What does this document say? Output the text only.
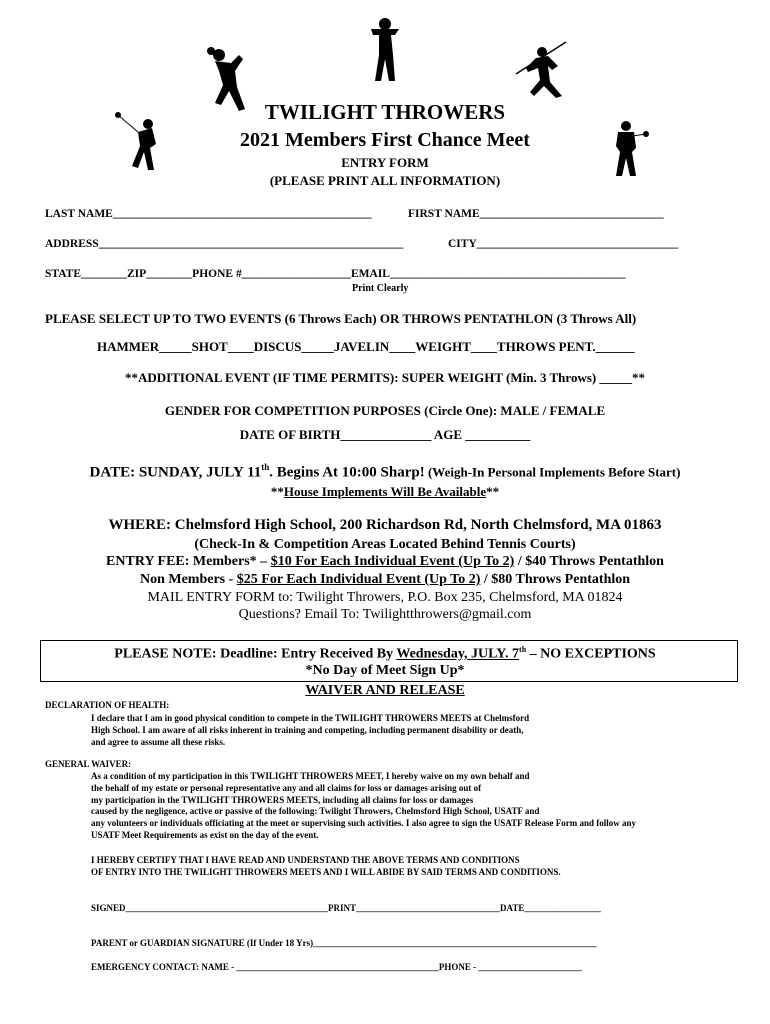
TWILIGHT THROWERS
2021 Members First Chance Meet
ENTRY FORM
(PLEASE PRINT ALL INFORMATION)
LAST NAME_____________________________________________	FIRST NAME________________________________
ADDRESS_____________________________________________________	CITY___________________________________
STATE________ZIP________PHONE #___________________EMAIL_________________________________________
Print Clearly
PLEASE SELECT UP TO TWO EVENTS (6 Throws Each) OR THROWS PENTATHLON (3 Throws All)
HAMMER_____SHOT____DISCUS_____JAVELIN____WEIGHT____THROWS PENT.______
**ADDITIONAL EVENT (IF TIME PERMITS): SUPER WEIGHT (Min. 3 Throws) _____**
GENDER FOR COMPETITION PURPOSES (Circle One): MALE / FEMALE
DATE OF BIRTH______________ AGE __________
DATE: SUNDAY, JULY 11th. Begins At 10:00 Sharp! (Weigh-In Personal Implements Before Start)
**House Implements Will Be Available**
WHERE: Chelmsford High School, 200 Richardson Rd, North Chelmsford, MA 01863
(Check-In & Competition Areas Located Behind Tennis Courts)
ENTRY FEE: Members* – $10 For Each Individual Event (Up To 2) / $40 Throws Pentathlon
Non Members - $25 For Each Individual Event (Up To 2) / $80 Throws Pentathlon
MAIL ENTRY FORM to: Twilight Throwers, P.O. Box 235, Chelmsford, MA 01824
Questions? Email To: Twilightthrowers@gmail.com
PLEASE NOTE: Deadline: Entry Received By Wednesday, JULY. 7th – NO EXCEPTIONS
*No Day of Meet Sign Up*
WAIVER AND RELEASE
DECLARATION OF HEALTH:
I declare that I am in good physical condition to compete in the TWILIGHT THROWERS MEETS at Chelmsford
High School. I am aware of all risks inherent in training and competing, including permanent disability or death,
and agree to assume all these risks.
GENERAL WAIVER:
As a condition of my participation in this TWILIGHT THROWERS MEET, I hereby waive on my own behalf and
the behalf of my estate or personal representative any and all claims for loss or damages arising out of
my participation in the TWILIGHT THROWERS MEETS, including all claims for loss or damages
caused by the negligence, active or passive of the following: Twilight Throwers, Chelmsford High School, USATF and
any volunteers or individuals officiating at the meet or supervising such activities. I also agree to sign the USATF Release Form and follow any
USATF Meet Requirements as exist on the day of the event.
I HEREBY CERTIFY THAT I HAVE READ AND UNDERSTAND THE ABOVE TERMS AND CONDITIONS
OF ENTRY INTO THE TWILIGHT THROWERS MEETS AND I WILL ABIDE BY SAID TERMS AND CONDITIONS.
SIGNED_____________________________________________PRINT________________________________DATE_________________
PARENT or GUARDIAN SIGNATURE (If Under 18 Yrs)_______________________________________________________________
EMERGENCY CONTACT: NAME - _____________________________________________PHONE - _______________________
